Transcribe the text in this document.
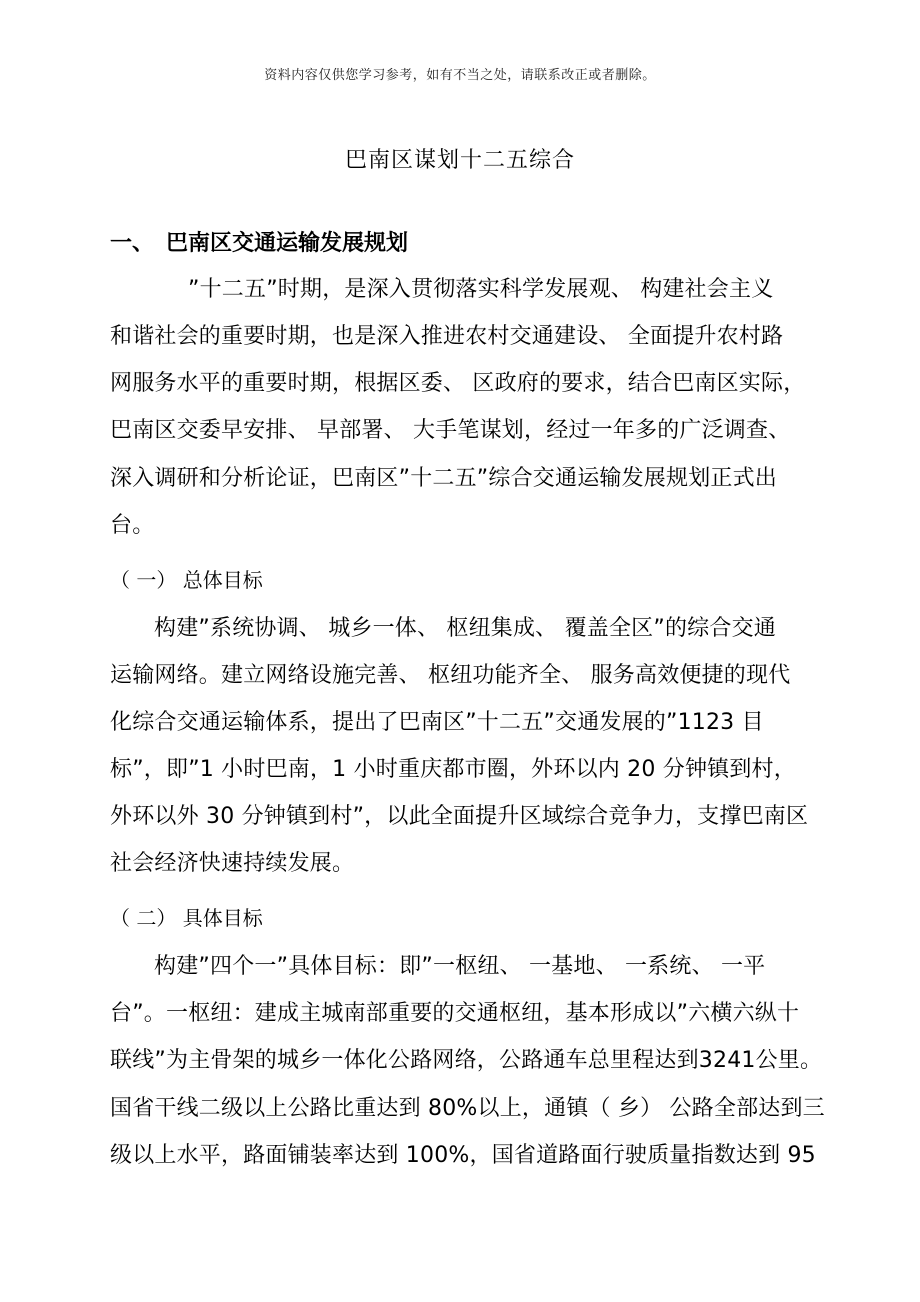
资料内容仅供您学习参考，如有不当之处，请联系改正或者删除。
巴南区谋划十二五综合
一、 巴南区交通运输发展规划
”十二五”时期，是深入贯彻落实科学发展观、 构建社会主义
和谐社会的重要时期，也是深入推进农村交通建设、 全面提升农村路
网服务水平的重要时期，根据区委、 区政府的要求，结合巴南区实际，
巴南区交委早安排、 早部署、 大手笔谋划，经过一年多的广泛调查、
深入调研和分析论证，巴南区”十二五”综合交通运输发展规划正式出
台。
（ 一） 总体目标
构建”系统协调、 城乡一体、 枢纽集成、 覆盖全区”的综合交通
运输网络。建立网络设施完善、 枢纽功能齐全、 服务高效便捷的现代
化综合交通运输体系，提出了巴南区”十二五”交通发展的”1123 目
标”，即”1 小时巴南，1 小时重庆都市圈，外环以内 20 分钟镇到村，
外环以外 30 分钟镇到村”，以此全面提升区域综合竞争力，支撑巴南区
社会经济快速持续发展。
（ 二） 具体目标
构建”四个一”具体目标：即”一枢纽、 一基地、 一系统、 一平
台”。一枢纽：建成主城南部重要的交通枢纽，基本形成以”六横六纵十
联线”为主骨架的城乡一体化公路网络，公路通车总里程达到3241公里。
国省干线二级以上公路比重达到 80%以上，通镇（ 乡） 公路全部达到三
级以上水平，路面铺装率达到 100%，国省道路面行驶质量指数达到 95
